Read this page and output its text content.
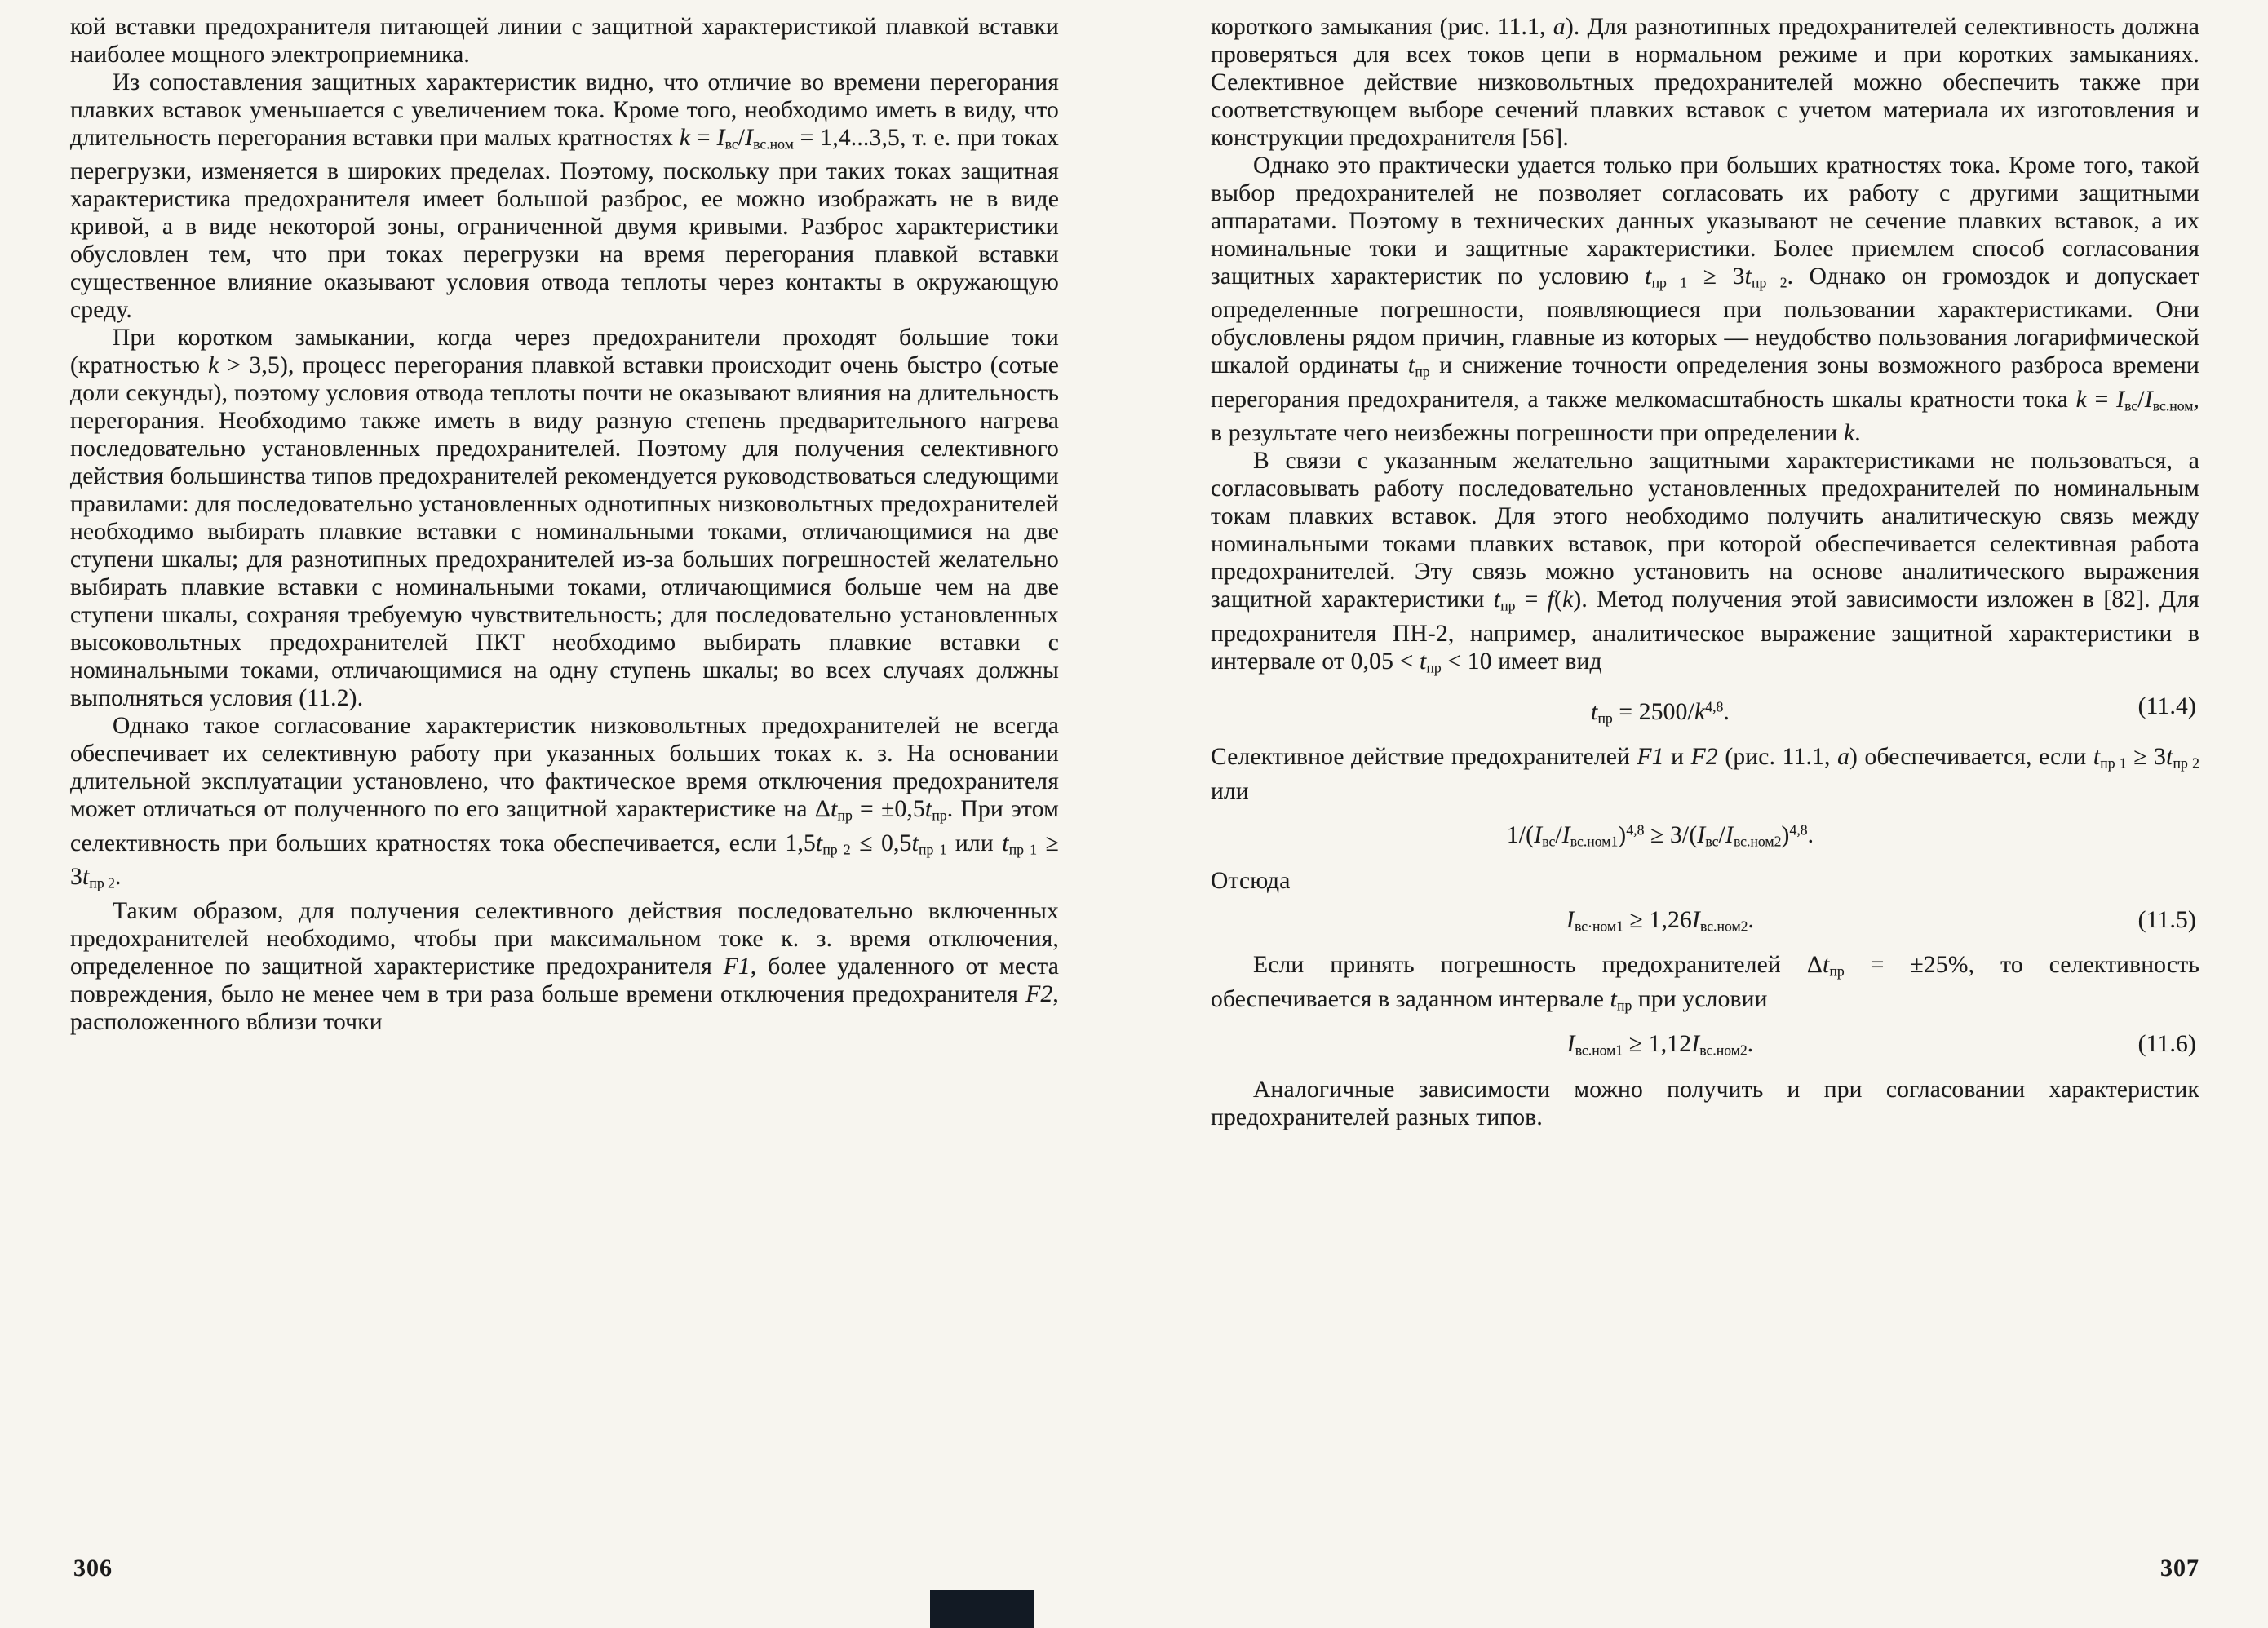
кой вставки предохранителя питающей линии с защитной характеристикой плавкой вставки наиболее мощного электроприемника.

Из сопоставления защитных характеристик видно, что отличие во времени перегорания плавких вставок уменьшается с увеличением тока. Кроме того, необходимо иметь в виду, что длительность перегорания вставки при малых кратностях $k = I_{вс}/I_{вс.ном} = 1,4...3,5$, т. е. при токах перегрузки, изменяется в широких пределах. Поэтому, поскольку при таких токах защитная характеристика предохранителя имеет большой разброс, ее можно изображать не в виде кривой, а в виде некоторой зоны, ограниченной двумя кривыми. Разброс характеристики обусловлен тем, что при токах перегрузки на время перегорания плавкой вставки существенное влияние оказывают условия отвода теплоты через контакты в окружающую среду.

При коротком замыкании, когда через предохранители проходят большие токи (кратностью k > 3,5), процесс перегорания плавкой вставки происходит очень быстро (сотые доли секунды), поэтому условия отвода теплоты почти не оказывают влияния на длительность перегорания. Необходимо также иметь в виду разную степень предварительного нагрева последовательно установленных предохранителей. Поэтому для получения селективного действия большинства типов предохранителей рекомендуется руководствоваться следующими правилами: для последовательно установленных однотипных низковольтных предохранителей необходимо выбирать плавкие вставки с номинальными токами, отличающимися на две ступени шкалы; для разнотипных предохранителей из-за больших погрешностей желательно выбирать плавкие вставки с номинальными токами, отличающимися больше чем на две ступени шкалы, сохраняя требуемую чувствительность; для последовательно установленных высоковольтных предохранителей ПКТ необходимо выбирать плавкие вставки с номинальными токами, отличающимися на одну ступень шкалы; во всех случаях должны выполняться условия (11.2).

Однако такое согласование характеристик низковольтных предохранителей не всегда обеспечивает их селективную работу при указанных больших токах к. з. На основании длительной эксплуатации установлено, что фактическое время отключения предохранителя может отличаться от полученного по его защитной характеристике на $\Delta t_{пр} = \pm 0,5t_{пр}$. При этом селективность при больших кратностях тока обеспечивается, если $1,5t_{пр 2} \le 0,5t_{пр 1}$ или $t_{пр 1} \ge 3t_{пр 2}$.

Таким образом, для получения селективного действия последовательно включенных предохранителей необходимо, чтобы при максимальном токе к. з. время отключения, определенное по защитной характеристике предохранителя F1, более удаленного от места повреждения, было не менее чем в три раза больше времени отключения предохранителя F2, расположенного вблизи точки

короткого замыкания (рис. 11.1, а). Для разнотипных предохранителей селективность должна проверяться для всех токов цепи в нормальном режиме и при коротких замыканиях. Селективное действие низковольтных предохранителей можно обеспечить также при соответствующем выборе сечений плавких вставок с учетом материала их изготовления и конструкции предохранителя [56].

Однако это практически удается только при больших кратностях тока. Кроме того, такой выбор предохранителей не позволяет согласовать их работу с другими защитными аппаратами. Поэтому в технических данных указывают не сечение плавких вставок, а их номинальные токи и защитные характеристики. Более приемлем способ согласования защитных характеристик по условию $t_{пр 1} \ge 3t_{пр 2}$. Однако он громоздок и допускает определенные погрешности, появляющиеся при пользовании характеристиками. Они обусловлены рядом причин, главные из которых — неудобство пользования логарифмической шкалой ординаты $t_{пр}$ и снижение точности определения зоны возможного разброса времени перегорания предохранителя, а также мелкомасштабность шкалы кратности тока $k = I_{вс}/I_{вс.ном}$, в результате чего неизбежны погрешности при определении k.

В связи с указанным желательно защитными характеристиками не пользоваться, а согласовывать работу последовательно установленных предохранителей по номинальным токам плавких вставок. Для этого необходимо получить аналитическую связь между номинальными токами плавких вставок, при которой обеспечивается селективная работа предохранителей. Эту связь можно установить на основе аналитического выражения защитной характеристики $t_{пр} = f(k)$. Метод получения этой зависимости изложен в [82]. Для предохранителя ПН-2, например, аналитическое выражение защитной характеристики в интервале от $0,05 < t_{пр} < 10$ имеет вид

$t_{пр} = 2500/k^{4,8}$.	(11.4)

Селективное действие предохранителей F1 и F2 (рис. 11.1, а) обеспечивается, если $t_{пр 1} \ge 3t_{пр 2}$ или

$1/(I_{вс}/I_{вс.ном1})^{4,8} \ge 3/(I_{вс}/I_{вс.ном2})^{4,8}$.

Отсюда

$I_{вс\cdot ном1} \ge 1,26I_{вс.ном2}$.	(11.5)

Если принять погрешность предохранителей $\Delta t_{пр} = \pm 25\%$, то селективность обеспечивается в заданном интервале $t_{пр}$ при условии

$I_{вс.ном1} \ge 1,12I_{вс.ном2}$.	(11.6)

Аналогичные зависимости можно получить и при согласовании характеристик предохранителей разных типов.

306	307
